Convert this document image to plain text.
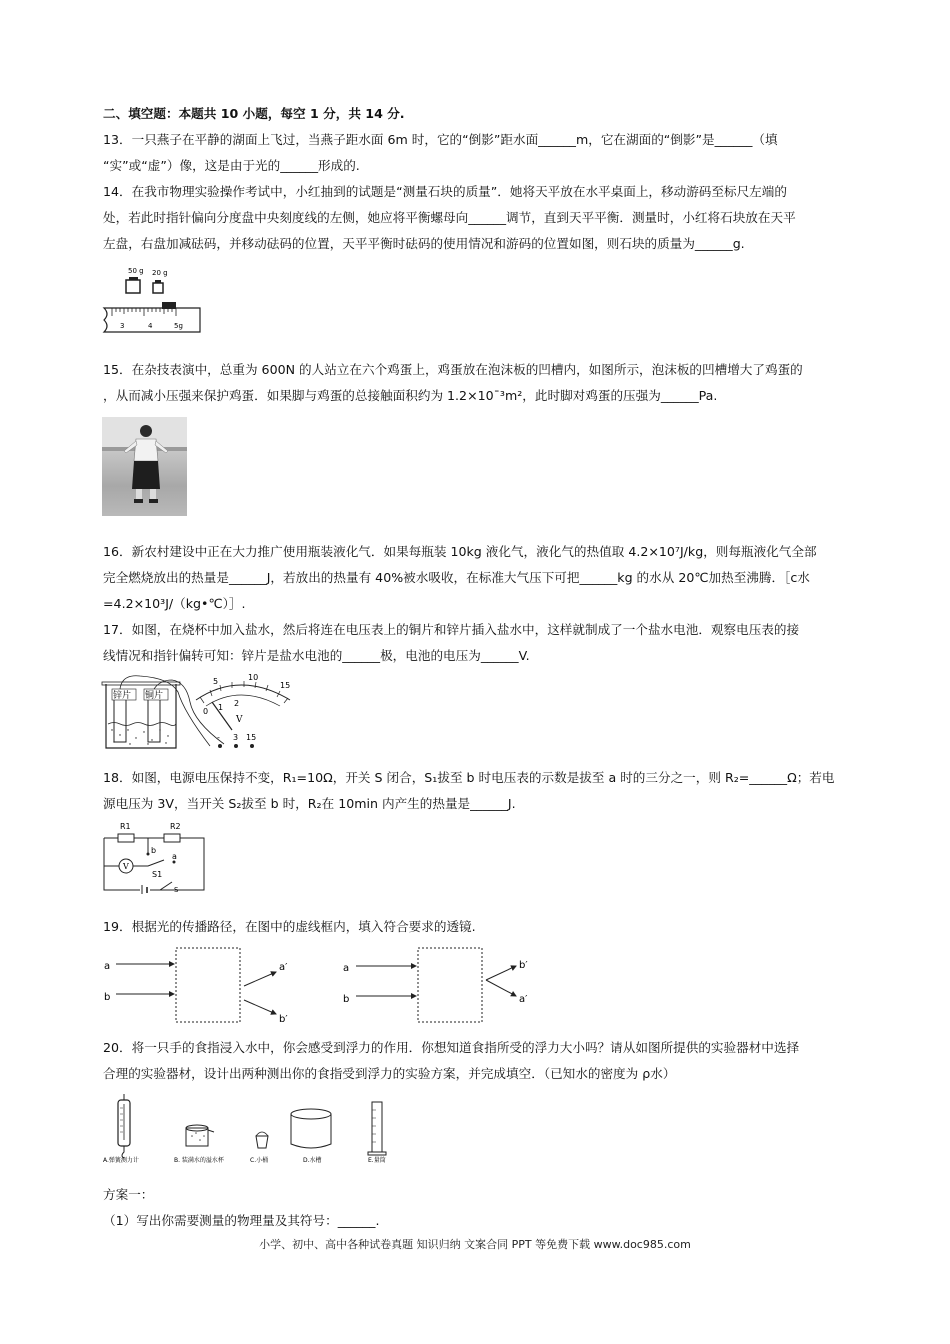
二、填空题：本题共 10 小题，每空 1 分，共 14 分.
13．一只燕子在平静的湖面上飞过，当燕子距水面 6m 时，它的“倒影”距水面______m，它在湖面的“倒影”是______（填
“实”或“虚”）像，这是由于光的______形成的.
14．在我市物理实验操作考试中，小红抽到的试题是“测量石块的质量”．她将天平放在水平桌面上，移动游码至标尺左端的
处，若此时指针偏向分度盘中央刻度线的左侧，她应将平衡螺母向______调节，直到天平平衡．测量时，小红将石块放在天平
左盘，右盘加减砝码，并移动砝码的位置，天平平衡时砝码的使用情况和游码的位置如图，则石块的质量为______g.
50 g 20 g
3	4	5g
15．在杂技表演中，总重为 600N 的人站立在六个鸡蛋上，鸡蛋放在泡沫板的凹槽内，如图所示，泡沫板的凹槽增大了鸡蛋的
，从而减小压强来保护鸡蛋．如果脚与鸡蛋的总接触面积约为 1.2×10ˉ³m²，此时脚对鸡蛋的压强为______Pa.
16．新农村建设中正在大力推广使用瓶装液化气．如果每瓶装 10kg 液化气，液化气的热值取 4.2×10⁷J/kg，则每瓶液化气全部
完全燃烧放出的热量是______J，若放出的热量有 40%被水吸收，在标准大气压下可把______kg 的水从 20℃加热至沸腾．［c水
=4.2×10³J/（kg•℃）］.
17．如图，在烧杯中加入盐水，然后将连在电压表上的铜片和锌片插入盐水中，这样就制成了一个盐水电池．观察电压表的接
线情况和指针偏转可知：锌片是盐水电池的______极，电池的电压为______V.
锌片 铜片
0 1 2
5	10
15
V
- 3 15
18．如图，电源电压保持不变，R₁=10Ω，开关 S 闭合，S₁拔至 b 时电压表的示数是拔至 a 时的三分之一，则 R₂=______Ω；若电
源电压为 3V，当开关 S₂拔至 b 时，R₂在 10min 内产生的热量是______J.
R1	R2
V
b
a
S1
S
19．根据光的传播路径，在图中的虚线框内，填入符合要求的透镜.
a
b
a′
b′
a
b
b′
a′
20．将一只手的食指浸入水中，你会感受到浮力的作用．你想知道食指所受的浮力大小吗？请从如图所提供的实验器材中选择
合理的实验器材，设计出两种测出你的食指受到浮力的实验方案，并完成填空．（已知水的密度为 ρ水）
A.弹簧测力计	B. 装满水的溢水杯	C.小桶	D.水槽	E.量筒
方案一：
（1）写出你需要测量的物理量及其符号：______.
小学、初中、高中各种试卷真题 知识归纳 文案合同 PPT 等免费下载 www.doc985.com
